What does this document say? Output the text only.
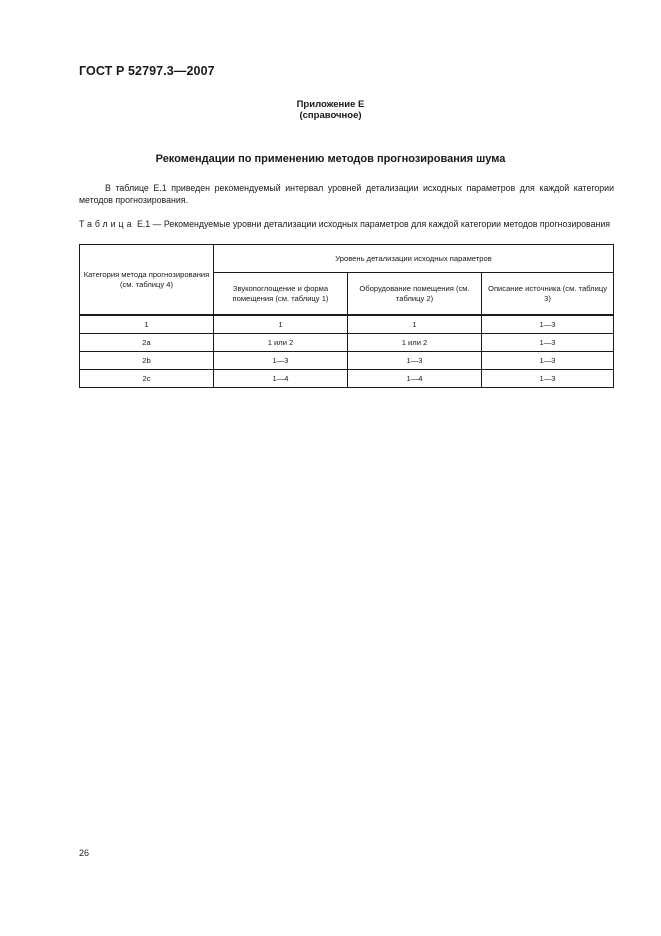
ГОСТ Р 52797.3—2007
Приложение Е
(справочное)
Рекомендации по применению методов прогнозирования шума
В таблице Е.1 приведен рекомендуемый интервал уровней детализации исходных параметров для каждой категории методов прогнозирования.
Таблица Е.1 — Рекомендуемые уровни детализации исходных параметров для каждой категории методов прогнозирования
Категория метода прогнозирования (см. таблицу 4)	Уровень детализации исходных параметров		
	Звукопоглощение и форма помещения (см. таблицу 1)	Оборудование помещения (см. таблицу 2)	Описание источника (см. таблицу 3)
1	1	1	1—3
2a	1 или 2	1 или 2	1—3
2b	1—3	1—3	1—3
2c	1—4	1—4	1—3
26
